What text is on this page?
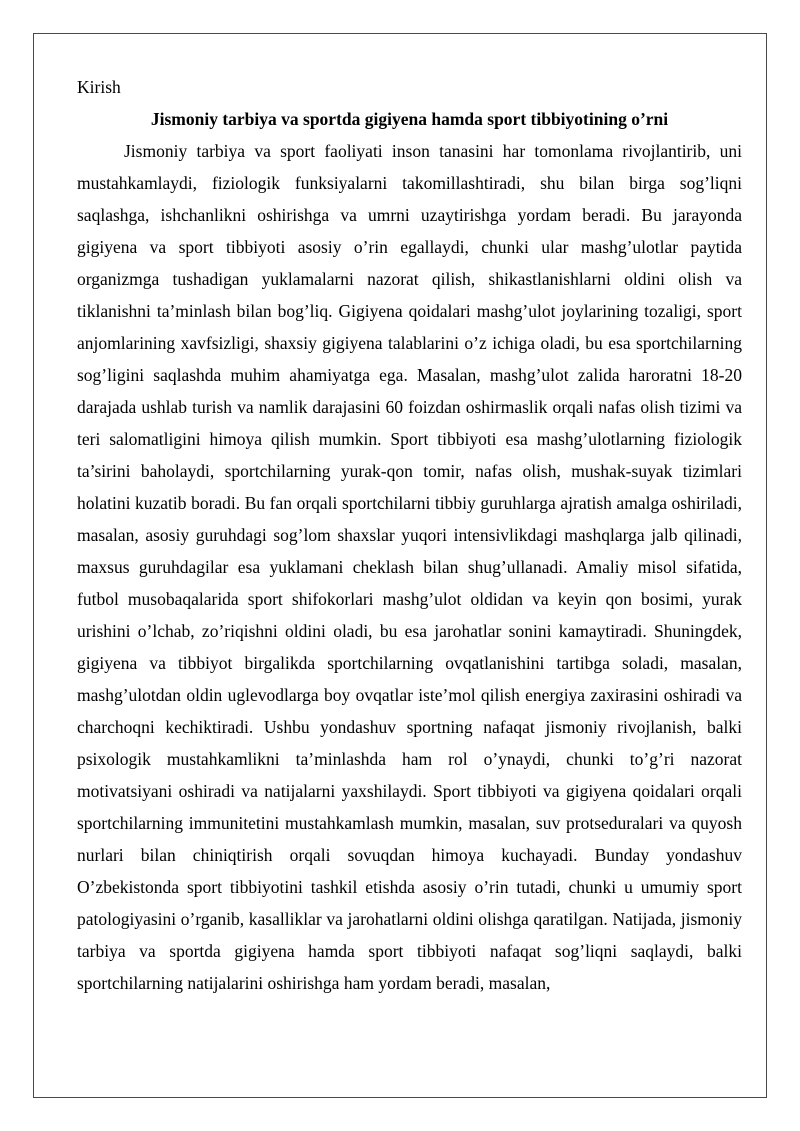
Kirish

Jismoniy tarbiya va sportda gigiyena hamda sport tibbiyotining o’rni

Jismoniy tarbiya va sport faoliyati inson tanasini har tomonlama rivojlantirib, uni mustahkamlaydi, fiziologik funksiyalarni takomillashtiradi, shu bilan birga sog’liqni saqlashga, ishchanlikni oshirishga va umrni uzaytirishga yordam beradi. Bu jarayonda gigiyena va sport tibbiyoti asosiy o’rin egallaydi, chunki ular mashg’ulotlar paytida organizmga tushadigan yuklamalarni nazorat qilish, shikastlanishlarni oldini olish va tiklanishni ta’minlash bilan bog’liq. Gigiyena qoidalari mashg’ulot joylarining tozaligi, sport anjomlarining xavfsizligi, shaxsiy gigiyena talablarini o’z ichiga oladi, bu esa sportchilarning sog’ligini saqlashda muhim ahamiyatga ega. Masalan, mashg’ulot zalida haroratni 18-20 darajada ushlab turish va namlik darajasini 60 foizdan oshirmaslik orqali nafas olish tizimi va teri salomatligini himoya qilish mumkin. Sport tibbiyoti esa mashg’ulotlarning fiziologik ta’sirini baholaydi, sportchilarning yurak-qon tomir, nafas olish, mushak-suyak tizimlari holatini kuzatib boradi. Bu fan orqali sportchilarni tibbiy guruhlarga ajratish amalga oshiriladi, masalan, asosiy guruhdagi sog’lom shaxslar yuqori intensivlikdagi mashqlarga jalb qilinadi, maxsus guruhdagilar esa yuklamani cheklash bilan shug’ullanadi. Amaliy misol sifatida, futbol musobaqalarida sport shifokorlari mashg’ulot oldidan va keyin qon bosimi, yurak urishini o’lchab, zo’riqishni oldini oladi, bu esa jarohatlar sonini kamaytiradi. Shuningdek, gigiyena va tibbiyot birgalikda sportchilarning ovqatlanishini tartibga soladi, masalan, mashg’ulotdan oldin uglevodlarga boy ovqatlar iste’mol qilish energiya zaxirasini oshiradi va charchoqni kechiktiradi. Ushbu yondashuv sportning nafaqat jismoniy rivojlanish, balki psixologik mustahkamlikni ta’minlashda ham rol o’ynaydi, chunki to’g’ri nazorat motivatsiyani oshiradi va natijalarni yaxshilaydi. Sport tibbiyoti va gigiyena qoidalari orqali sportchilarning immunitetini mustahkamlash mumkin, masalan, suv protseduralari va quyosh nurlari bilan chiniqtirish orqali sovuqdan himoya kuchayadi. Bunday yondashuv O’zbekistonda sport tibbiyotini tashkil etishda asosiy o’rin tutadi, chunki u umumiy sport patologiyasini o’rganib, kasalliklar va jarohatlarni oldini olishga qaratilgan. Natijada, jismoniy tarbiya va sportda gigiyena hamda sport tibbiyoti nafaqat sog’liqni saqlaydi, balki sportchilarning natijalarini oshirishga ham yordam beradi, masalan,
